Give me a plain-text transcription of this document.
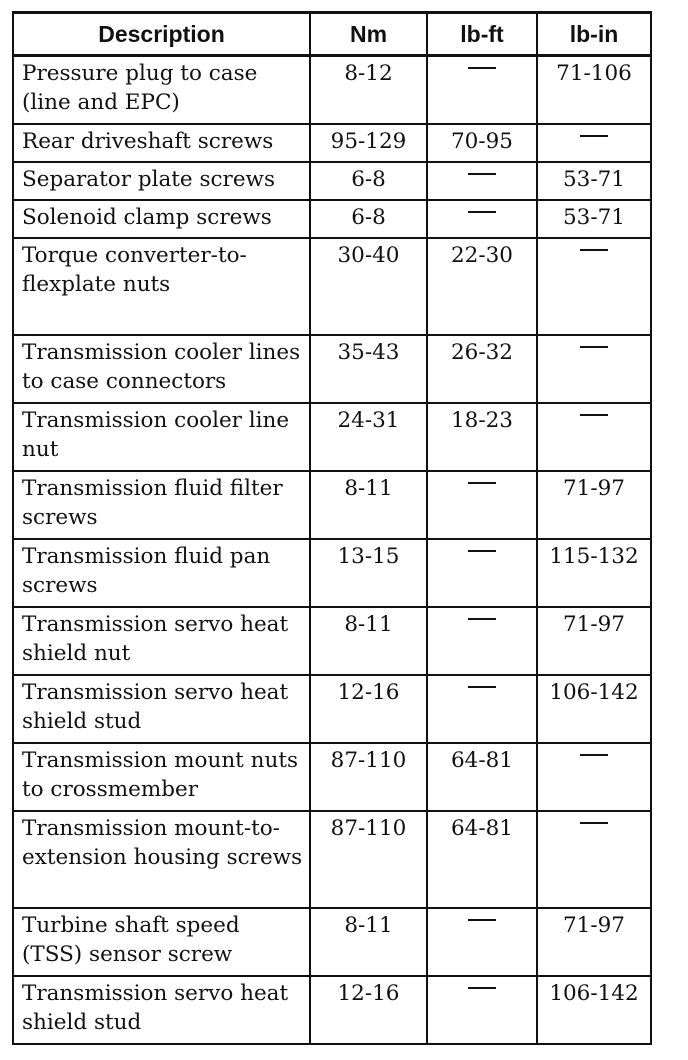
Description	Nm	lb-ft	lb-in
Pressure plug to case (line and EPC)	8-12		71-106
Rear driveshaft screws	95-129	70-95	

Separator plate screws	6-8		53-71
Solenoid clamp screws	6-8		53-71
Torque converter-to-flexplate nuts	30-40	22-30	

Transmission cooler lines to case connectors	35-43	26-32	

Transmission cooler line nut	24-31	18-23	

Transmission fluid filter screws	8-11		71-97
Transmission fluid pan screws	13-15		115-132
Transmission servo heat shield nut	8-11		71-97
Transmission servo heat shield stud	12-16		106-142
Transmission mount nuts to crossmember	87-110	64-81	

Transmission mount-to-extension housing screws	87-110	64-81	

Turbine shaft speed (TSS) sensor screw	8-11		71-97
Transmission servo heat shield stud	12-16		106-142
